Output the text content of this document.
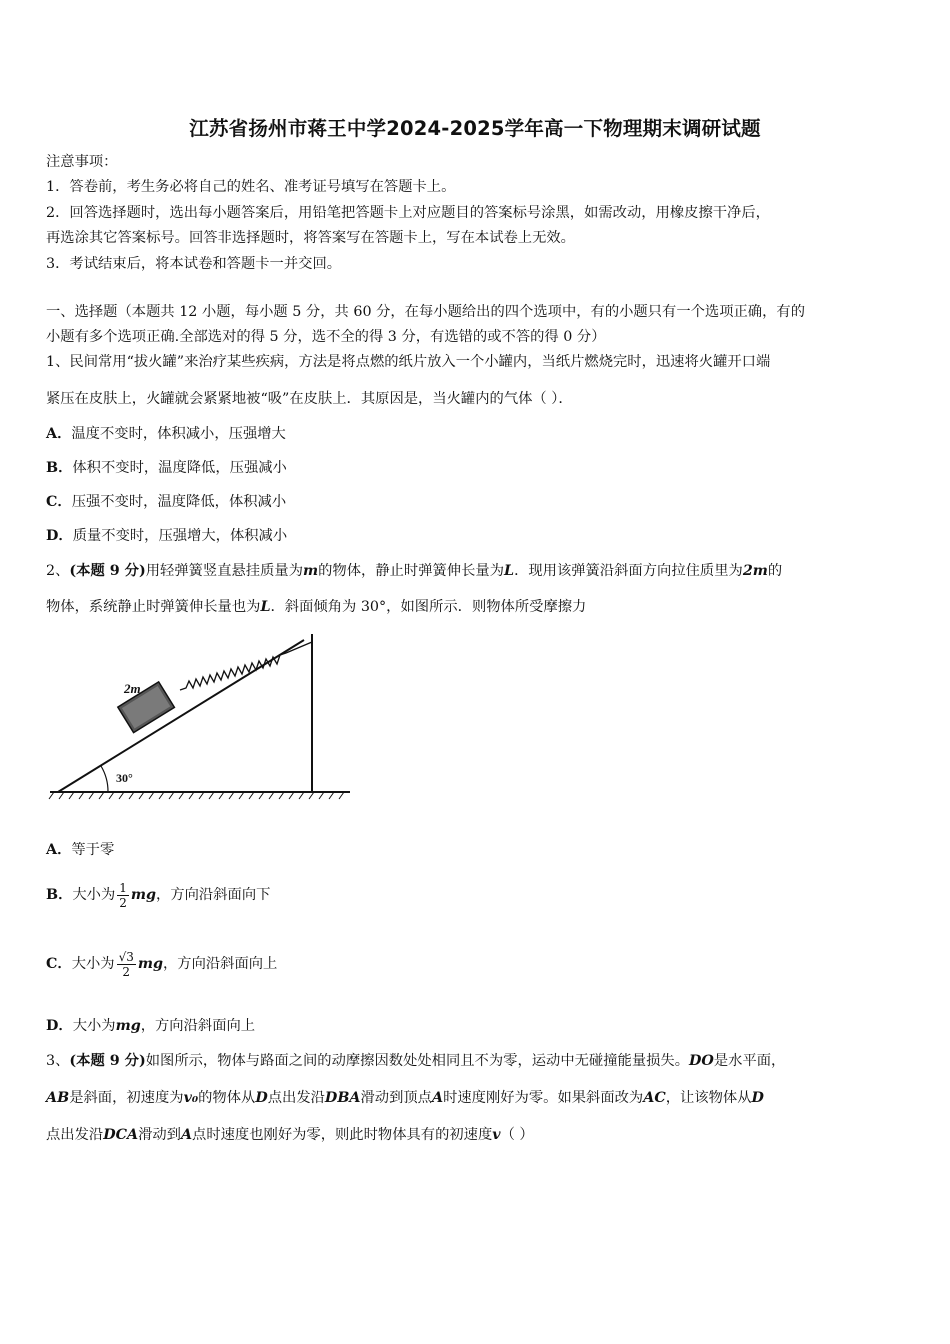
江苏省扬州市蒋王中学2024-2025学年高一下物理期末调研试题
注意事项：
1．答卷前，考生务必将自己的姓名、准考证号填写在答题卡上。
2．回答选择题时，选出每小题答案后，用铅笔把答题卡上对应题目的答案标号涂黑，如需改动，用橡皮擦干净后，
再选涂其它答案标号。回答非选择题时，将答案写在答题卡上，写在本试卷上无效。
3．考试结束后，将本试卷和答题卡一并交回。
一、选择题（本题共 12 小题，每小题 5 分，共 60 分，在每小题给出的四个选项中，有的小题只有一个选项正确，有的
小题有多个选项正确.全部选对的得 5 分，选不全的得 3 分，有选错的或不答的得 0 分）
1、民间常用“拔火罐”来治疗某些疾病，方法是将点燃的纸片放入一个小罐内，当纸片燃烧完时，迅速将火罐开口端
紧压在皮肤上，火罐就会紧紧地被“吸”在皮肤上．其原因是，当火罐内的气体（ ）．
A．温度不变时，体积减小，压强增大
B．体积不变时，温度降低，压强减小
C．压强不变时，温度降低，体积减小
D．质量不变时，压强增大，体积减小
2、(本题 9 分)用轻弹簧竖直悬挂质量为m的物体，静止时弹簧伸长量为L．现用该弹簧沿斜面方向拉住质里为2m的
物体，系统静止时弹簧伸长量也为L．斜面倾角为 30°，如图所示．则物体所受摩擦力
2m
30°
A．等于零
B．大小为 $\frac{1}{2}$ mg，方向沿斜面向下
C．大小为 $\frac{√3}{2}$ mg，方向沿斜面向上
D．大小为mg，方向沿斜面向上
3、(本题 9 分)如图所示，物体与路面之间的动摩擦因数处处相同且不为零，运动中无碰撞能量损失。DO是水平面，
AB是斜面，初速度为v₀的物体从D点出发沿DBA滑动到顶点A时速度刚好为零。如果斜面改为AC，让该物体从D
点出发沿DCA滑动到A点时速度也刚好为零，则此时物体具有的初速度v（ ）
